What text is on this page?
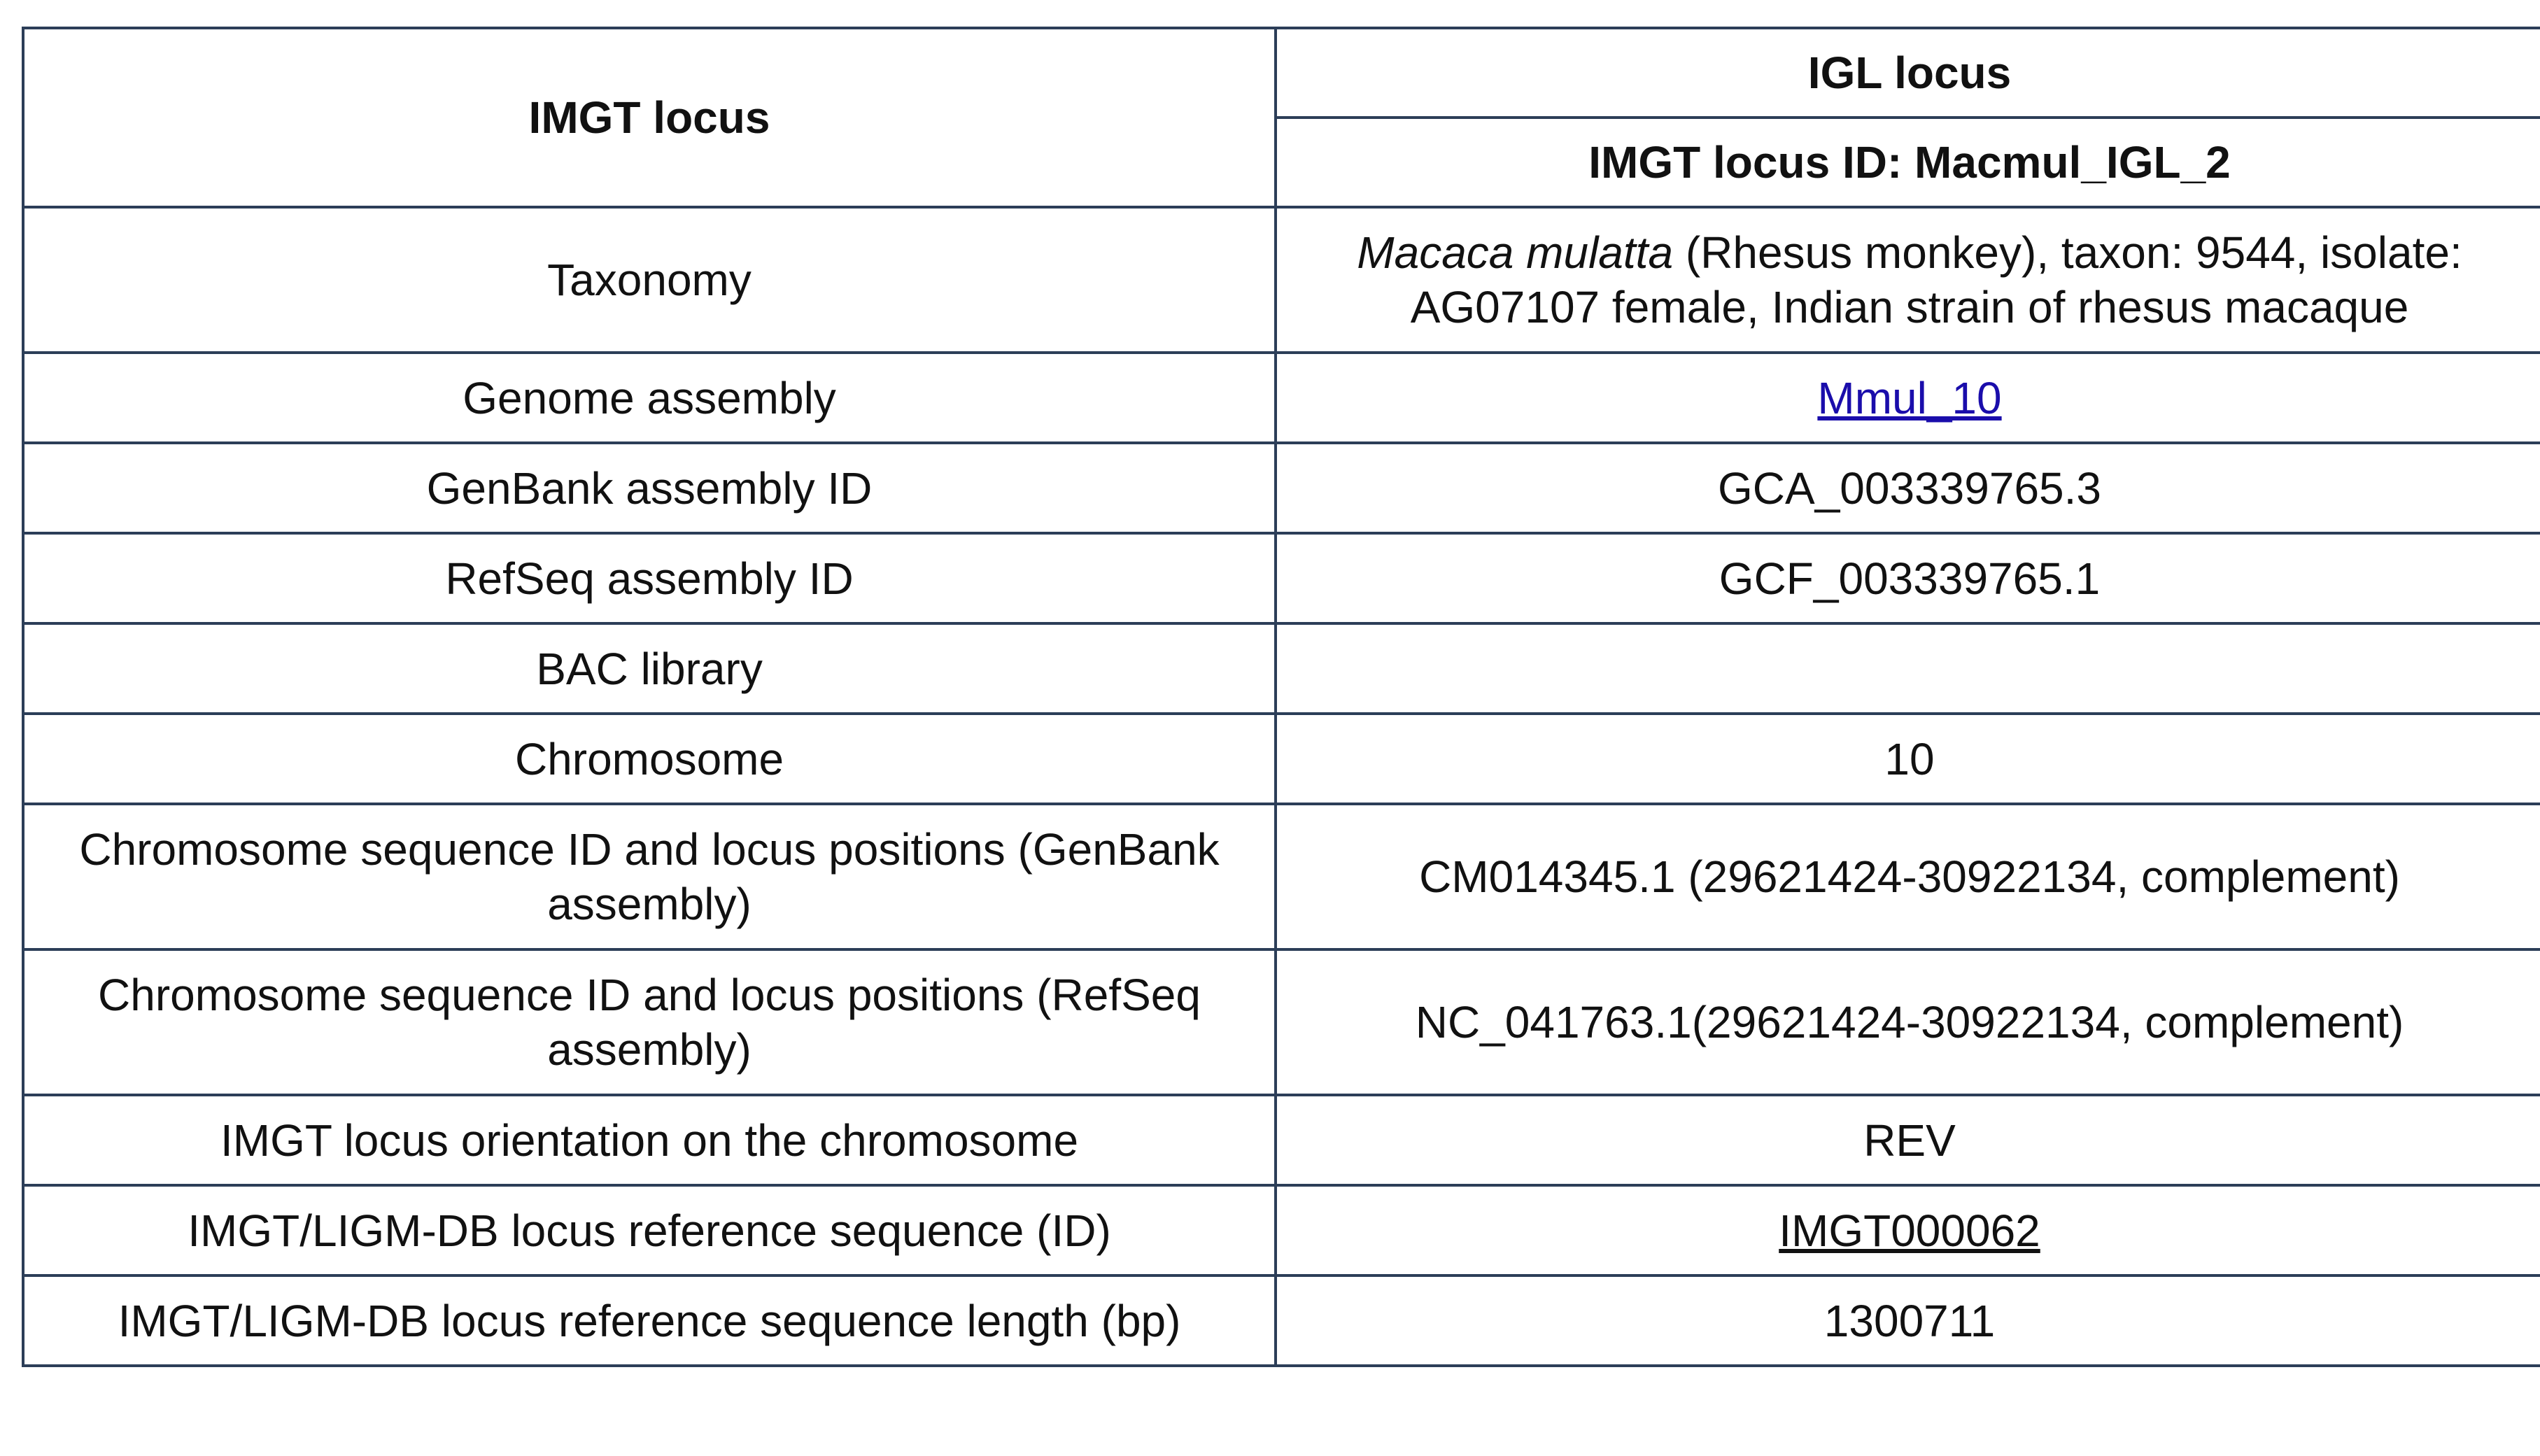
IMGT locus	IGL locus
	IMGT locus ID: Macmul_IGL_2
Taxonomy	Macaca mulatta (Rhesus monkey), taxon: 9544, isolate: AG07107 female, Indian strain of rhesus macaque
Genome assembly	Mmul_10
GenBank assembly ID	GCA_003339765.3
RefSeq assembly ID	GCF_003339765.1
BAC library	
Chromosome	10
Chromosome sequence ID and locus positions (GenBank assembly)	CM014345.1 (29621424-30922134, complement)
Chromosome sequence ID and locus positions (RefSeq assembly)	NC_041763.1(29621424-30922134, complement)
IMGT locus orientation on the chromosome	REV
IMGT/LIGM-DB locus reference sequence (ID)	IMGT000062
IMGT/LIGM-DB locus reference sequence length (bp)	1300711
